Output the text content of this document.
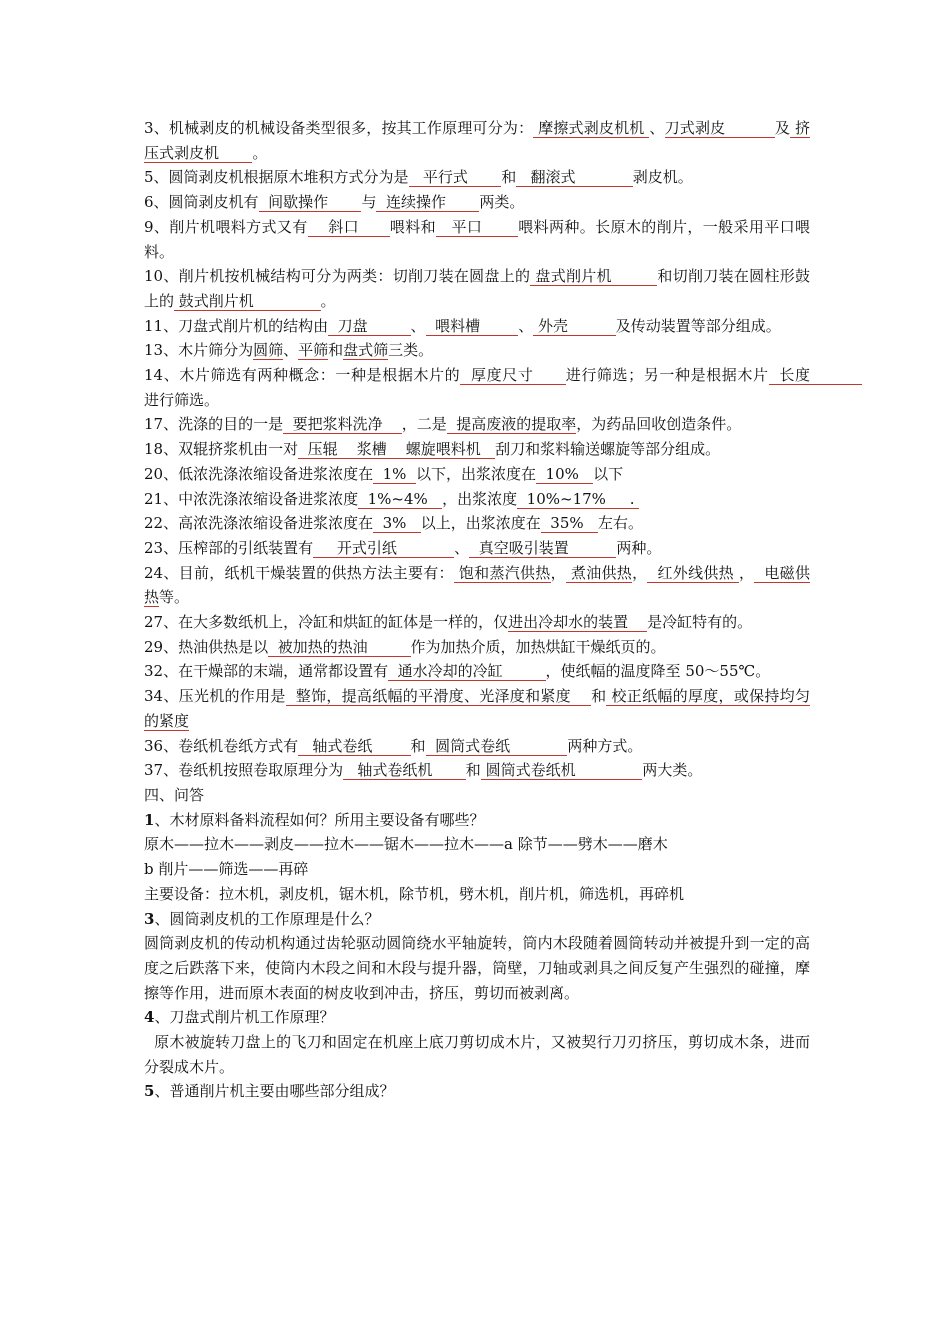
3、机械剥皮的机械设备类型很多，按其工作原理可分为： 摩擦式剥皮机机 、刀式剥皮          及 挤压式剥皮机       。

5、圆筒剥皮机根据原木堆积方式分为是   平行式       和   翻滚式            剥皮机。

6、圆筒剥皮机有  间歇操作       与  连续操作       两类。

9、削片机喂料方式又有    斜口      喂料和   平口       喂料两种。长原木的削片，一般采用平口喂料。

10、削片机按机械结构可分为两类：切削刀装在圆盘上的 盘式削片机         和切削刀装在圆柱形鼓上的 鼓式削片机              。

11、刀盘式削片机的结构由  刀盘         、  喂料槽        、 外壳          及传动装置等部分组成。

13、木片筛分为圆筛、平筛和盘式筛三类。

14、木片筛选有两种概念：一种是根据木片的  厚度尺寸      进行筛选；另一种是根据木片  长度           进行筛选。

17、洗涤的目的一是  要把浆料洗净    ，二是  提高废液的提取率，为药品回收创造条件。

18、双辊挤浆机由一对  压辊    浆槽    螺旋喂料机   刮刀和浆料输送螺旋等部分组成。

20、低浓洗涤浓缩设备进浆浓度在  1%  以下，出浆浓度在  10%   以下

21、中浓洗涤浓缩设备进浆浓度  1%~4%   ，出浆浓度  10%~17%     .

22、高浓洗涤浓缩设备进浆浓度在  3%   以上，出浆浓度在  35%   左右。

23、压榨部的引纸装置有     开式引纸            、  真空吸引装置          两种。

24、目前，纸机干燥装置的供热方法主要有： 饱和蒸汽供热， 煮油供热，  红外线供热 ，  电磁供热等。

27、在大多数纸机上，冷缸和烘缸的缸体是一样的，仅进出冷却水的装置    是冷缸特有的。

29、热油供热是以  被加热的热油         作为加热介质，加热烘缸干燥纸页的。

32、在干燥部的末端，通常都设置有  通水冷却的冷缸         ，使纸幅的温度降至 50～55℃。

34、压光机的作用是  整饰，提高纸幅的平滑度、光泽度和紧度    和 校正纸幅的厚度，或保持均匀的紧度

36、卷纸机卷纸方式有   轴式卷纸        和  圆筒式卷纸            两种方式。

37、卷纸机按照卷取原理分为   轴式卷纸机       和 圆筒式卷纸机              两大类。

四、问答

1、木材原料备料流程如何？所用主要设备有哪些？

原木——拉木——剥皮——拉木——锯木——拉木——a 除节——劈木——磨木

b 削片——筛选——再碎

主要设备：拉木机，剥皮机，锯木机，除节机，劈木机，削片机，筛选机，再碎机

3、圆筒剥皮机的工作原理是什么？

圆筒剥皮机的传动机构通过齿轮驱动圆筒绕水平轴旋转，筒内木段随着圆筒转动并被提升到一定的高度之后跌落下来，使筒内木段之间和木段与提升器，筒壁，刀轴或剥具之间反复产生强烈的碰撞，摩擦等作用，进而原木表面的树皮收到冲击，挤压，剪切而被剥离。

4、刀盘式削片机工作原理？

原木被旋转刀盘上的飞刀和固定在机座上底刀剪切成木片，又被契行刀刃挤压，剪切成木条，进而分裂成木片。

5、普通削片机主要由哪些部分组成？
